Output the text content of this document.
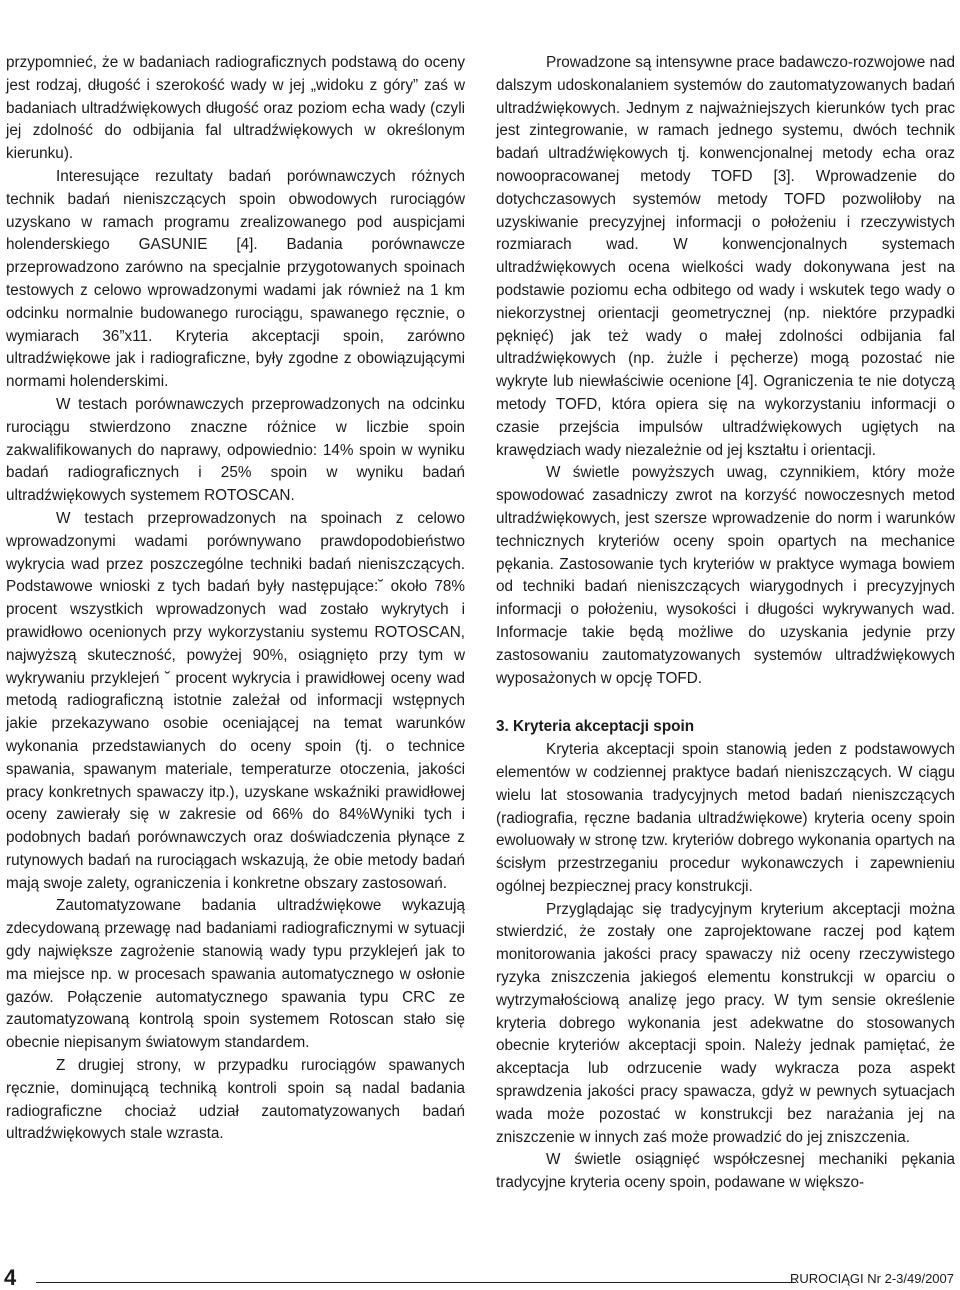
przypomnieć, że w badaniach radiograficznych podstawą do oceny jest rodzaj, długość i szerokość wady w jej „widoku z góry” zaś w badaniach ultradźwiękowych długość oraz poziom echa wady (czyli jej zdolność do odbijania fal ultradźwiękowych w określonym kierunku).

Interesujące rezultaty badań porównawczych różnych technik badań nieniszczących spoin obwodowych rurociągów uzyskano w ramach programu zrealizowanego pod auspicjami holenderskiego GASUNIE [4]. Badania porównawcze przeprowadzono zarówno na specjalnie przygotowanych spoinach testowych z celowo wprowadzonymi wadami jak również na 1 km odcinku normalnie budowanego rurociągu, spawanego ręcznie, o wymiarach 36”x11. Kryteria akceptacji spoin, zarówno ultradźwiękowe jak i radiograficzne, były zgodne z obowiązującymi normami holenderskimi.

W testach porównawczych przeprowadzonych na odcinku rurociągu stwierdzono znaczne różnice w liczbie spoin zakwalifikowanych do naprawy, odpowiednio: 14% spoin w wyniku badań radiograficznych i 25% spoin w wyniku badań ultradźwiękowych systemem ROTOSCAN.

W testach przeprowadzonych na spoinach z celowo wprowadzonymi wadami porównywano prawdopodobieństwo wykrycia wad przez poszczególne techniki badań nieniszczących. Podstawowe wnioski z tych badań były następujące:˘ około 78% procent wszystkich wprowadzonych wad zostało wykrytych i prawidłowo ocenionych przy wykorzystaniu systemu ROTOSCAN, najwyższą skuteczność, powyżej 90%, osiągnięto przy tym w wykrywaniu przyklejeń ˘ procent wykrycia i prawidłowej oceny wad metodą radiograficzną istotnie zależał od informacji wstępnych jakie przekazywano osobie oceniającej na temat warunków wykonania przedstawianych do oceny spoin (tj. o technice spawania, spawanym materiale, temperaturze otoczenia, jakości pracy konkretnych spawaczy itp.), uzyskane wskaźniki prawidłowej oceny zawierały się w zakresie od 66% do 84%Wyniki tych i podobnych badań porównawczych oraz doświadczenia płynące z rutynowych badań na rurociągach wskazują, że obie metody badań mają swoje zalety, ograniczenia i konkretne obszary zastosowań.

Zautomatyzowane badania ultradźwiękowe wykazują zdecydowaną przewagę nad badaniami radiograficznymi w sytuacji gdy największe zagrożenie stanowią wady typu przyklejeń jak to ma miejsce np. w procesach spawania automatycznego w osłonie gazów. Połączenie automatycznego spawania typu CRC ze zautomatyzowaną kontrolą spoin systemem Rotoscan stało się obecnie niepisanym światowym standardem.

Z drugiej strony, w przypadku rurociągów spawanych ręcznie, dominującą techniką kontroli spoin są nadal badania radiograficzne chociaż udział zautomatyzowanych badań ultradźwiękowych stale wzrasta.

Prowadzone są intensywne prace badawczo-rozwojowe nad dalszym udoskonalaniem systemów do zautomatyzowanych badań ultradźwiękowych. Jednym z najważniejszych kierunków tych prac jest zintegrowanie, w ramach jednego systemu, dwóch technik badań ultradźwiękowych tj. konwencjonalnej metody echa oraz nowoopracowanej metody TOFD [3]. Wprowadzenie do dotychczasowych systemów metody TOFD pozwoliłoby na uzyskiwanie precyzyjnej informacji o położeniu i rzeczywistych rozmiarach wad. W konwencjonalnych systemach ultradźwiękowych ocena wielkości wady dokonywana jest na podstawie poziomu echa odbitego od wady i wskutek tego wady o niekorzystnej orientacji geometrycznej (np. niektóre przypadki pęknięć) jak też wady o małej zdolności odbijania fal ultradźwiękowych (np. żużle i pęcherze) mogą pozostać nie wykryte lub niewłaściwie ocenione [4]. Ograniczenia te nie dotyczą metody TOFD, która opiera się na wykorzystaniu informacji o czasie przejścia impulsów ultradźwiękowych ugiętych na krawędziach wady niezależnie od jej kształtu i orientacji.

W świetle powyższych uwag, czynnikiem, który może spowodować zasadniczy zwrot na korzyść nowoczesnych metod ultradźwiękowych, jest szersze wprowadzenie do norm i warunków technicznych kryteriów oceny spoin opartych na mechanice pękania. Zastosowanie tych kryteriów w praktyce wymaga bowiem od techniki badań nieniszczących wiarygodnych i precyzyjnych informacji o położeniu, wysokości i długości wykrywanych wad. Informacje takie będą możliwe do uzyskania jedynie przy zastosowaniu zautomatyzowanych systemów ultradźwiękowych wyposażonych w opcję TOFD.

3. Kryteria akceptacji spoin

Kryteria akceptacji spoin stanowią jeden z podstawowych elementów w codziennej praktyce badań nieniszczących. W ciągu wielu lat stosowania tradycyjnych metod badań nieniszczących (radiografia, ręczne badania ultradźwiękowe) kryteria oceny spoin ewoluowały w stronę tzw. kryteriów dobrego wykonania opartych na ścisłym przestrzeganiu procedur wykonawczych i zapewnieniu ogólnej bezpiecznej pracy konstrukcji.

Przyglądając się tradycyjnym kryterium akceptacji można stwierdzić, że zostały one zaprojektowane raczej pod kątem monitorowania jakości pracy spawaczy niż oceny rzeczywistego ryzyka zniszczenia jakiegoś elementu konstrukcji w oparciu o wytrzymałościową analizę jego pracy. W tym sensie określenie kryteria dobrego wykonania jest adekwatne do stosowanych obecnie kryteriów akceptacji spoin. Należy jednak pamiętać, że akceptacja lub odrzucenie wady wykracza poza aspekt sprawdzenia jakości pracy spawacza, gdyż w pewnych sytuacjach wada może pozostać w konstrukcji bez narażania jej na zniszczenie w innych zaś może prowadzić do jej zniszczenia.

W świetle osiągnięć współczesnej mechaniki pękania tradycyjne kryteria oceny spoin, podawane w większo-

4	RUROCIĄGI Nr 2-3/49/2007
